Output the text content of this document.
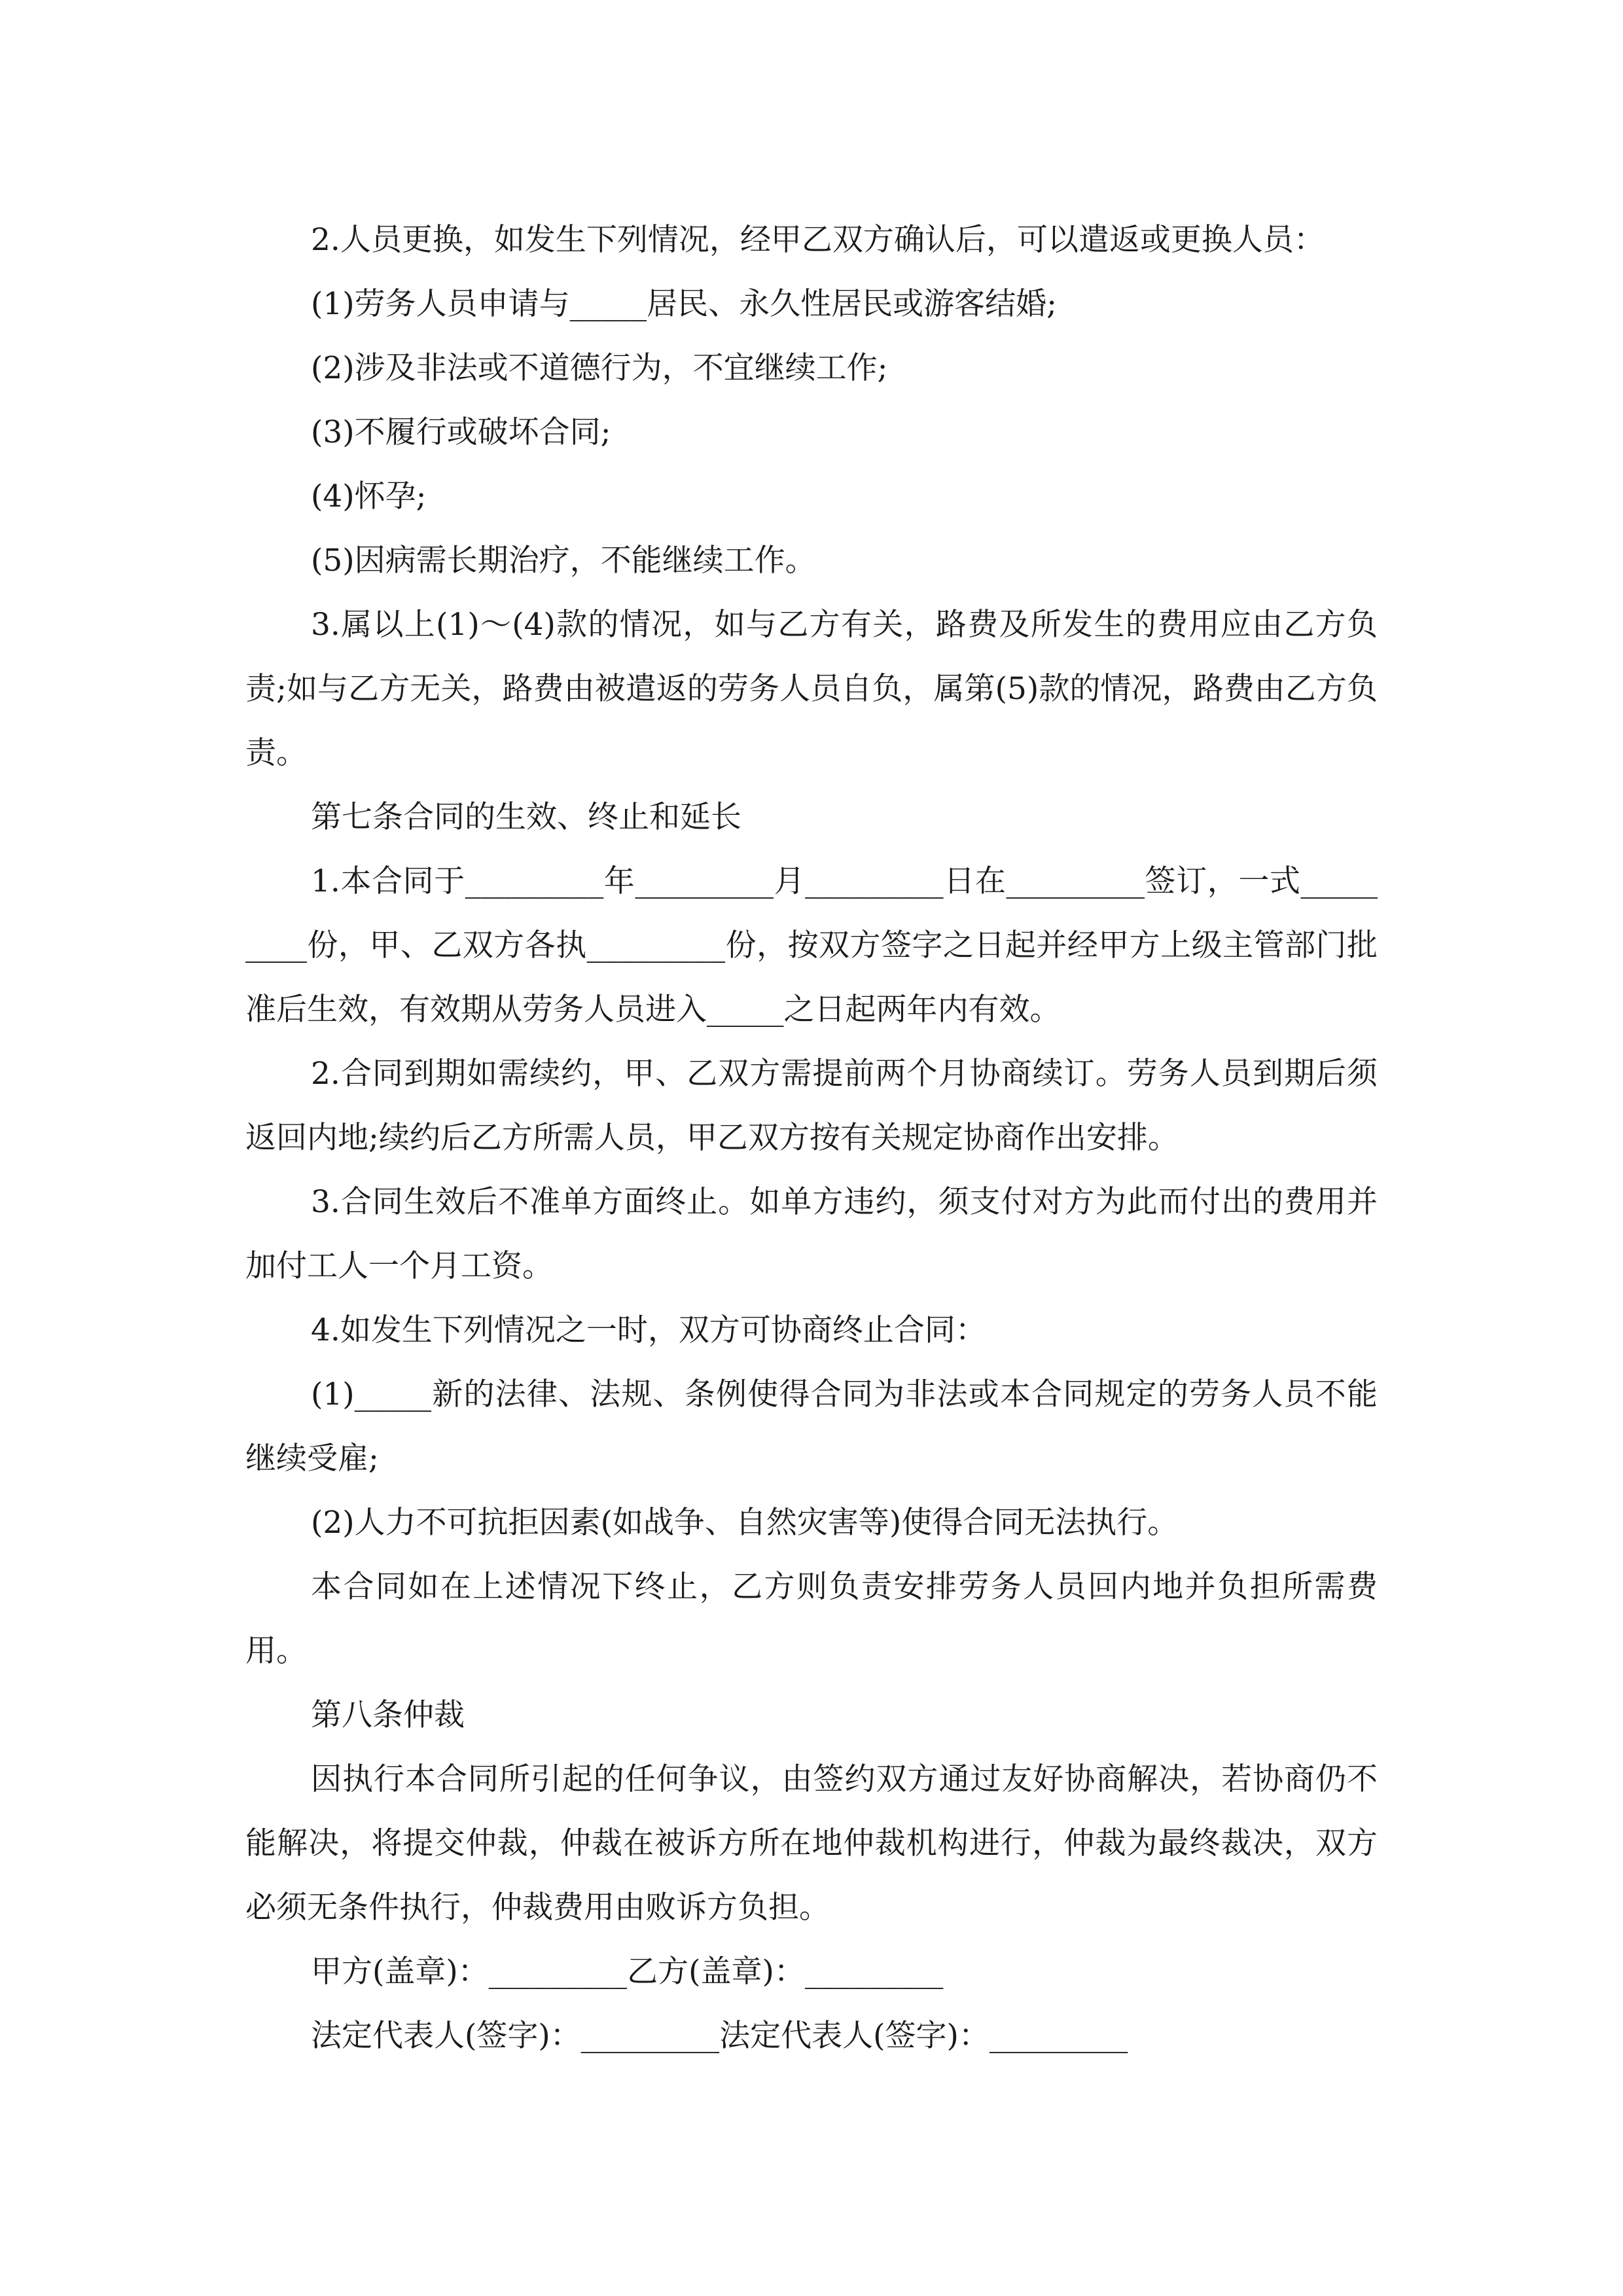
2.人员更换，如发生下列情况，经甲乙双方确认后，可以遣返或更换人员：

(1)劳务人员申请与_____居民、永久性居民或游客结婚;

(2)涉及非法或不道德行为，不宜继续工作;

(3)不履行或破坏合同;

(4)怀孕;

(5)因病需长期治疗，不能继续工作。

3.属以上(1)～(4)款的情况，如与乙方有关，路费及所发生的费用应由乙方负责;如与乙方无关，路费由被遣返的劳务人员自负，属第(5)款的情况，路费由乙方负责。

第七条合同的生效、终止和延长

1.本合同于_________年_________月_________日在_________签订，一式_________份，甲、乙双方各执_________份，按双方签字之日起并经甲方上级主管部门批准后生效，有效期从劳务人员进入_____之日起两年内有效。

2.合同到期如需续约，甲、乙双方需提前两个月协商续订。劳务人员到期后须返回内地;续约后乙方所需人员，甲乙双方按有关规定协商作出安排。

3.合同生效后不准单方面终止。如单方违约，须支付对方为此而付出的费用并加付工人一个月工资。

4.如发生下列情况之一时，双方可协商终止合同：

(1)_____新的法律、法规、条例使得合同为非法或本合同规定的劳务人员不能继续受雇;

(2)人力不可抗拒因素(如战争、自然灾害等)使得合同无法执行。

本合同如在上述情况下终止，乙方则负责安排劳务人员回内地并负担所需费用。

第八条仲裁

因执行本合同所引起的任何争议，由签约双方通过友好协商解决，若协商仍不能解决，将提交仲裁，仲裁在被诉方所在地仲裁机构进行，仲裁为最终裁决，双方必须无条件执行，仲裁费用由败诉方负担。

甲方(盖章)：_________乙方(盖章)：_________

法定代表人(签字)：_________法定代表人(签字)：_________
